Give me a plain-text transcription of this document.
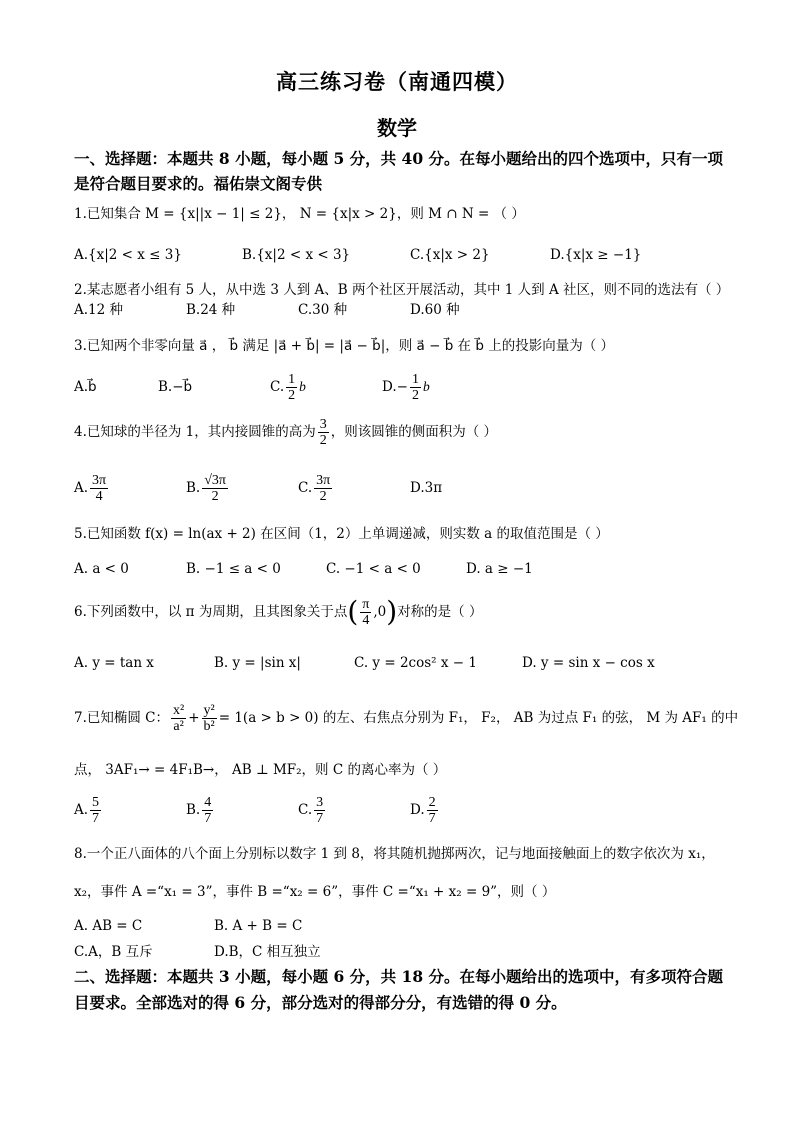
高三练习卷（南通四模）
数学
一、选择题：本题共 8 小题，每小题 5 分，共 40 分。在每小题给出的四个选项中，只有一项
是符合题目要求的。福佑崇文阁专供
1.已知集合 M = {x||x − 1| ≤ 2}， N = {x|x > 2}，则 M ∩ N = （ ）
A.{x|2 < x ≤ 3}	B.{x|2 < x < 3}	C.{x|x > 2}	D.{x|x ≥ −1}
2.某志愿者小组有 5 人，从中选 3 人到 A、B 两个社区开展活动，其中 1 人到 A 社区，则不同的选法有（ ）
A.12 种	B.24 种	C.30 种	D.60 种
3.已知两个非零向量 a⃗ ， b⃗ 满足 |a⃗ + b⃗| = |a⃗ − b⃗|，则 a⃗ − b⃗ 在 b⃗ 上的投影向量为（ ）
A.b⃗	B.−b⃗	C. $\frac{1}{2}$ b⃗	$D.- \frac{1}{2}$ b⃗
4.已知球的半径为 1，其内接圆锥的高为 $\frac{3}{2}$ ，则该圆锥的侧面积为（ ）
A. $\frac{3\pi}{4}$	B. $\frac{√3\pi}{2}$	C. $\frac{3\pi}{2}$	D.3π
5.已知函数 f(x) = ln(ax + 2) 在区间（1，2）上单调递减，则实数 a 的取值范围是（ ）
A. a < 0	B. −1 ≤ a < 0	C. −1 < a < 0	D. a ≥ −1
6.下列函数中，以 π 为周期，且其图象关于点 ( $\frac{\pi}{4} ,0$ ) 对称的是（ ）
A. y = tan x	B. y = |sin x|	C. y = 2cos² x − 1	D. y = sin x − cos x
7.已知椭圆 C： $\frac{\text{x²}}{\text{a²}} + \frac{\text{y²}}{\text{b²}} = 1(a > b > 0)$ 的左、右焦点分别为 F₁， F₂， AB 为过点 F₁ 的弦， M 为 AF₁ 的中
点， 3AF₁→ = 4F₁B→， AB ⊥ MF₂，则 C 的离心率为（ ）
A. $\frac{5}{7}$	B. $\frac{4}{7}$	C. $\frac{3}{7}$	D. $\frac{2}{7}$
8.一个正八面体的八个面上分别标以数字 1 到 8，将其随机抛掷两次，记与地面接触面上的数字依次为 x₁，
x₂，事件 A =“x₁ = 3”，事件 B =“x₂ = 6”，事件 C =“x₁ + x₂ = 9”，则（ ）
A. AB = C	B. A + B = C
C.A，B 互斥	D.B，C 相互独立
二、选择题：本题共 3 小题，每小题 6 分，共 18 分。在每小题给出的选项中，有多项符合题
目要求。全部选对的得 6 分，部分选对的得部分分，有选错的得 0 分。
